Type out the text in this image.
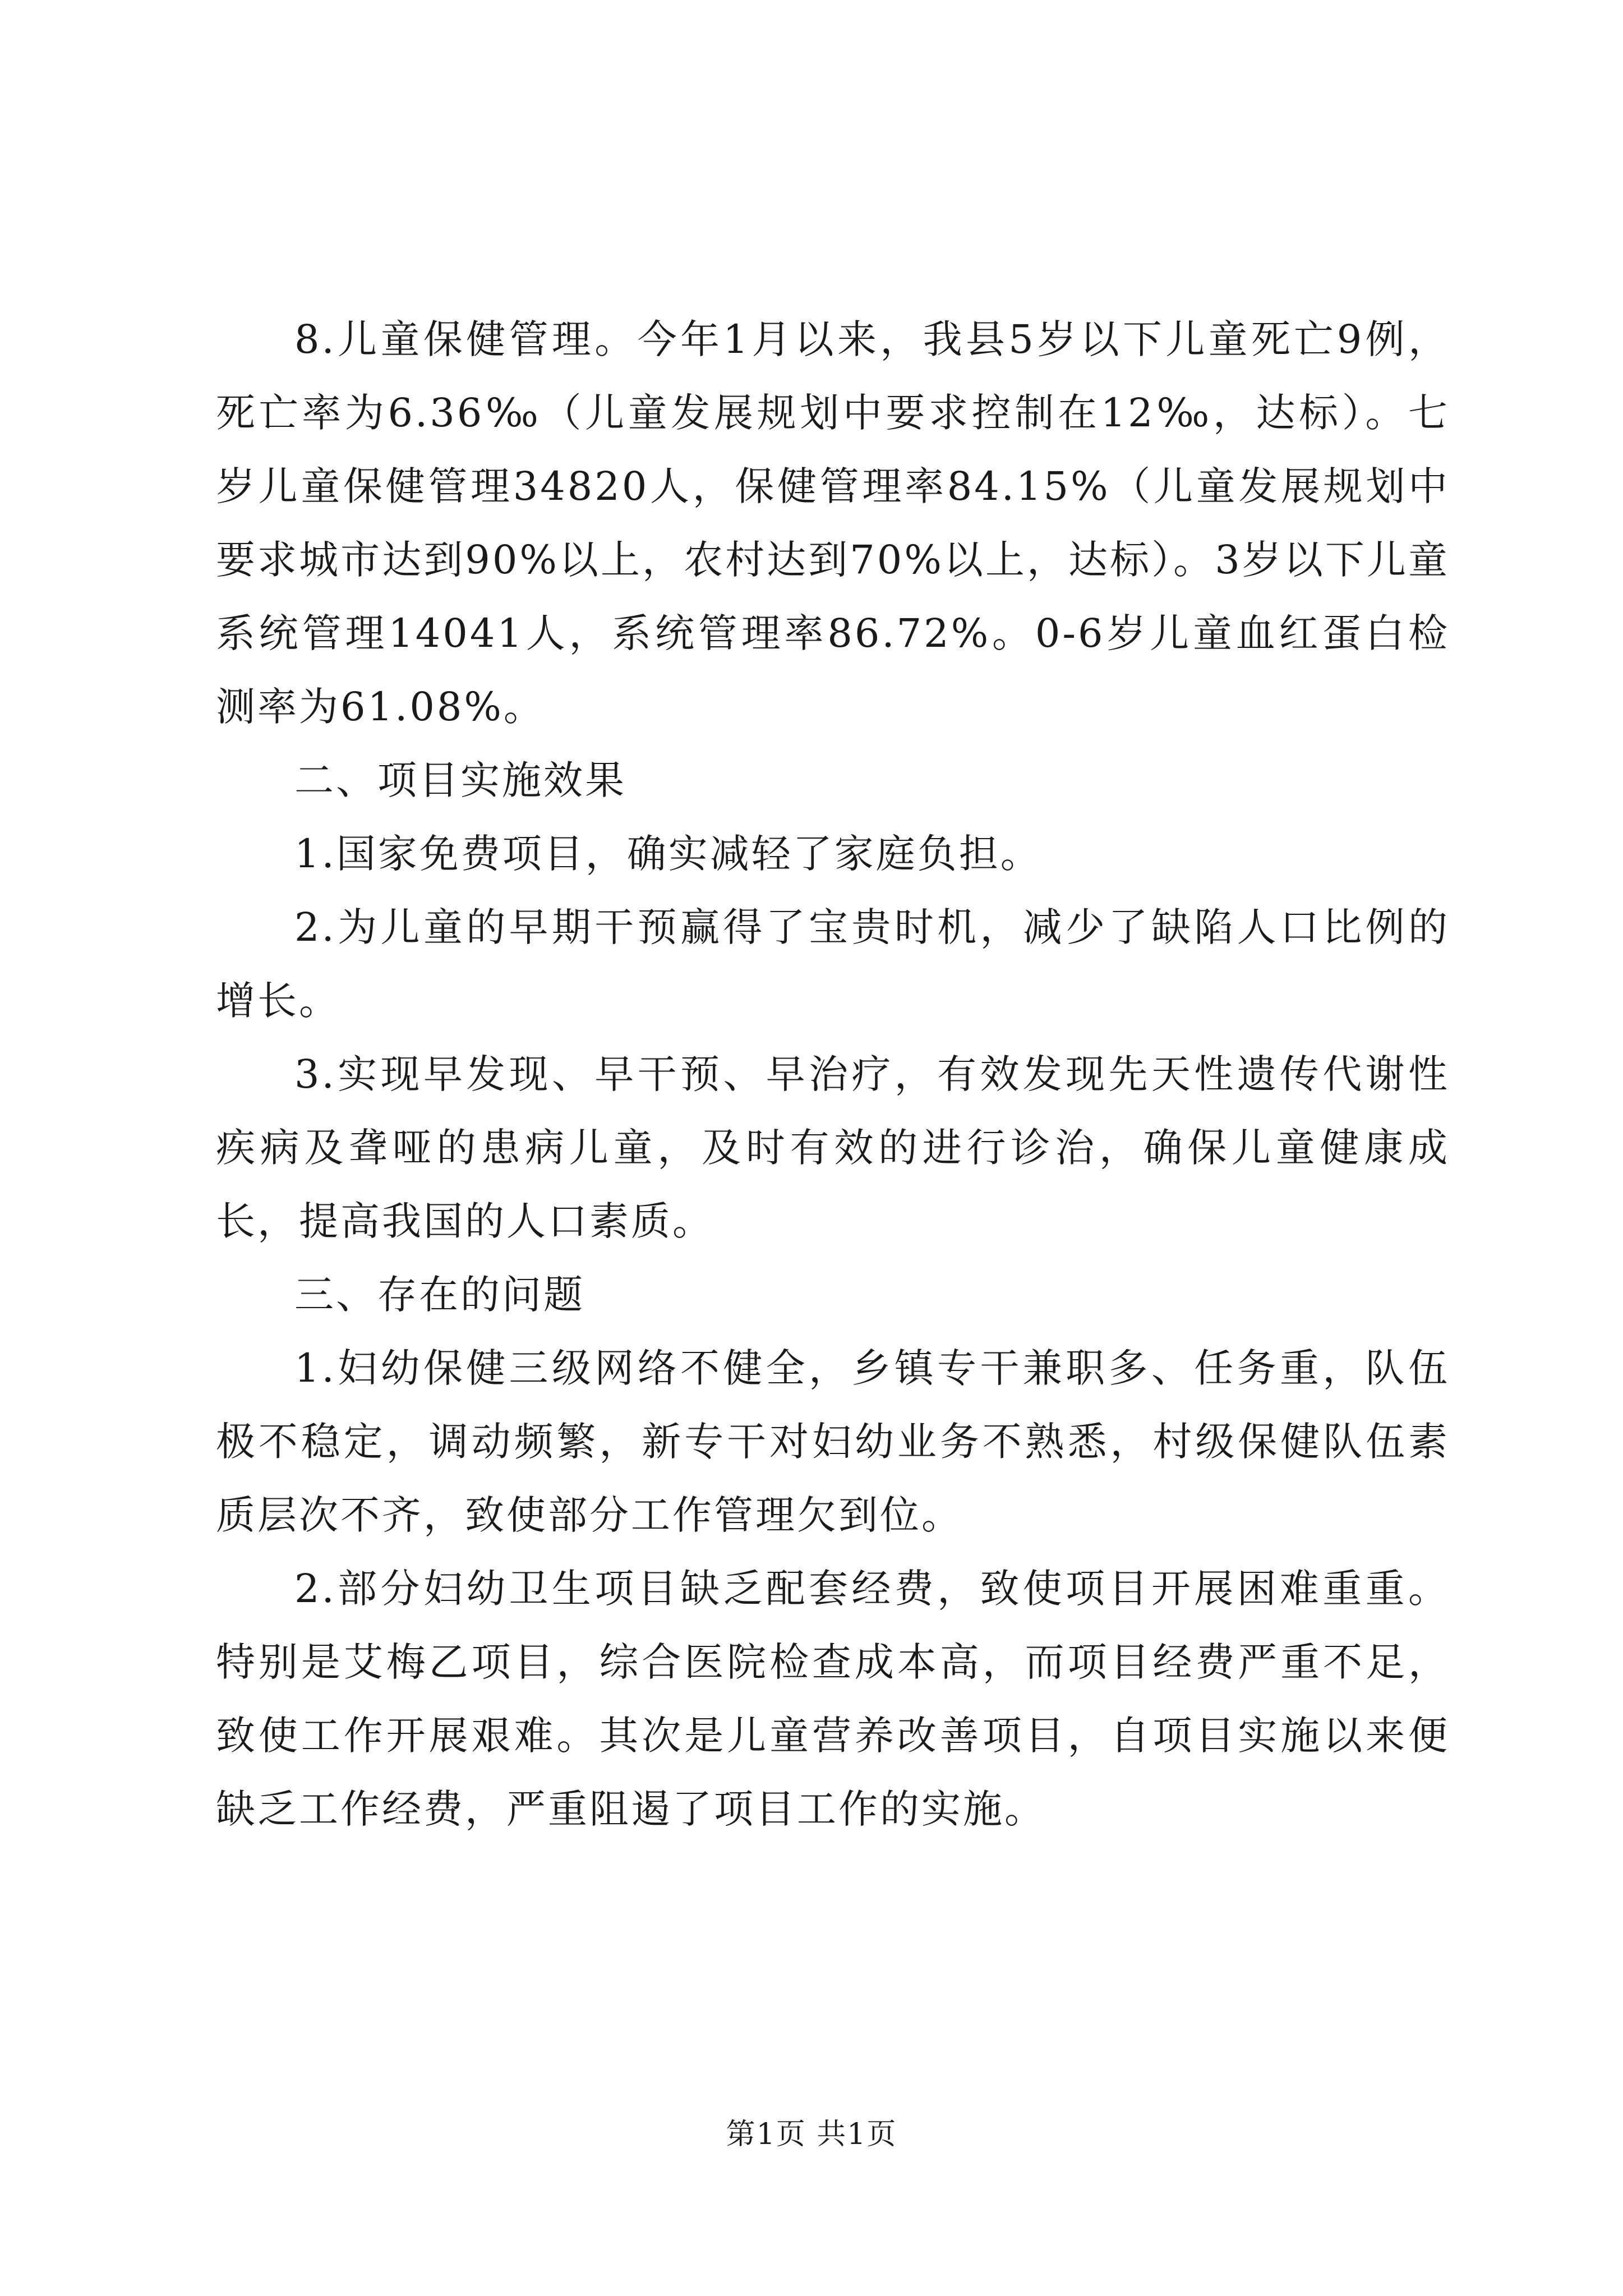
8.儿童保健管理。今年1月以来，我县5岁以下儿童死亡9例，死亡率为6.36‰（儿童发展规划中要求控制在12‰，达标）。七岁儿童保健管理34820人，保健管理率84.15%（儿童发展规划中要求城市达到90%以上，农村达到70%以上，达标）。3岁以下儿童系统管理14041人，系统管理率86.72%。0-6岁儿童血红蛋白检测率为61.08%。

二、项目实施效果

1.国家免费项目，确实减轻了家庭负担。

2.为儿童的早期干预赢得了宝贵时机，减少了缺陷人口比例的增长。

3.实现早发现、早干预、早治疗，有效发现先天性遗传代谢性疾病及聋哑的患病儿童，及时有效的进行诊治，确保儿童健康成长，提高我国的人口素质。

三、存在的问题

1.妇幼保健三级网络不健全，乡镇专干兼职多、任务重，队伍极不稳定，调动频繁，新专干对妇幼业务不熟悉，村级保健队伍素质层次不齐，致使部分工作管理欠到位。

2.部分妇幼卫生项目缺乏配套经费，致使项目开展困难重重。特别是艾梅乙项目，综合医院检查成本高，而项目经费严重不足，致使工作开展艰难。其次是儿童营养改善项目，自项目实施以来便缺乏工作经费，严重阻遏了项目工作的实施。

第1页 共1页
